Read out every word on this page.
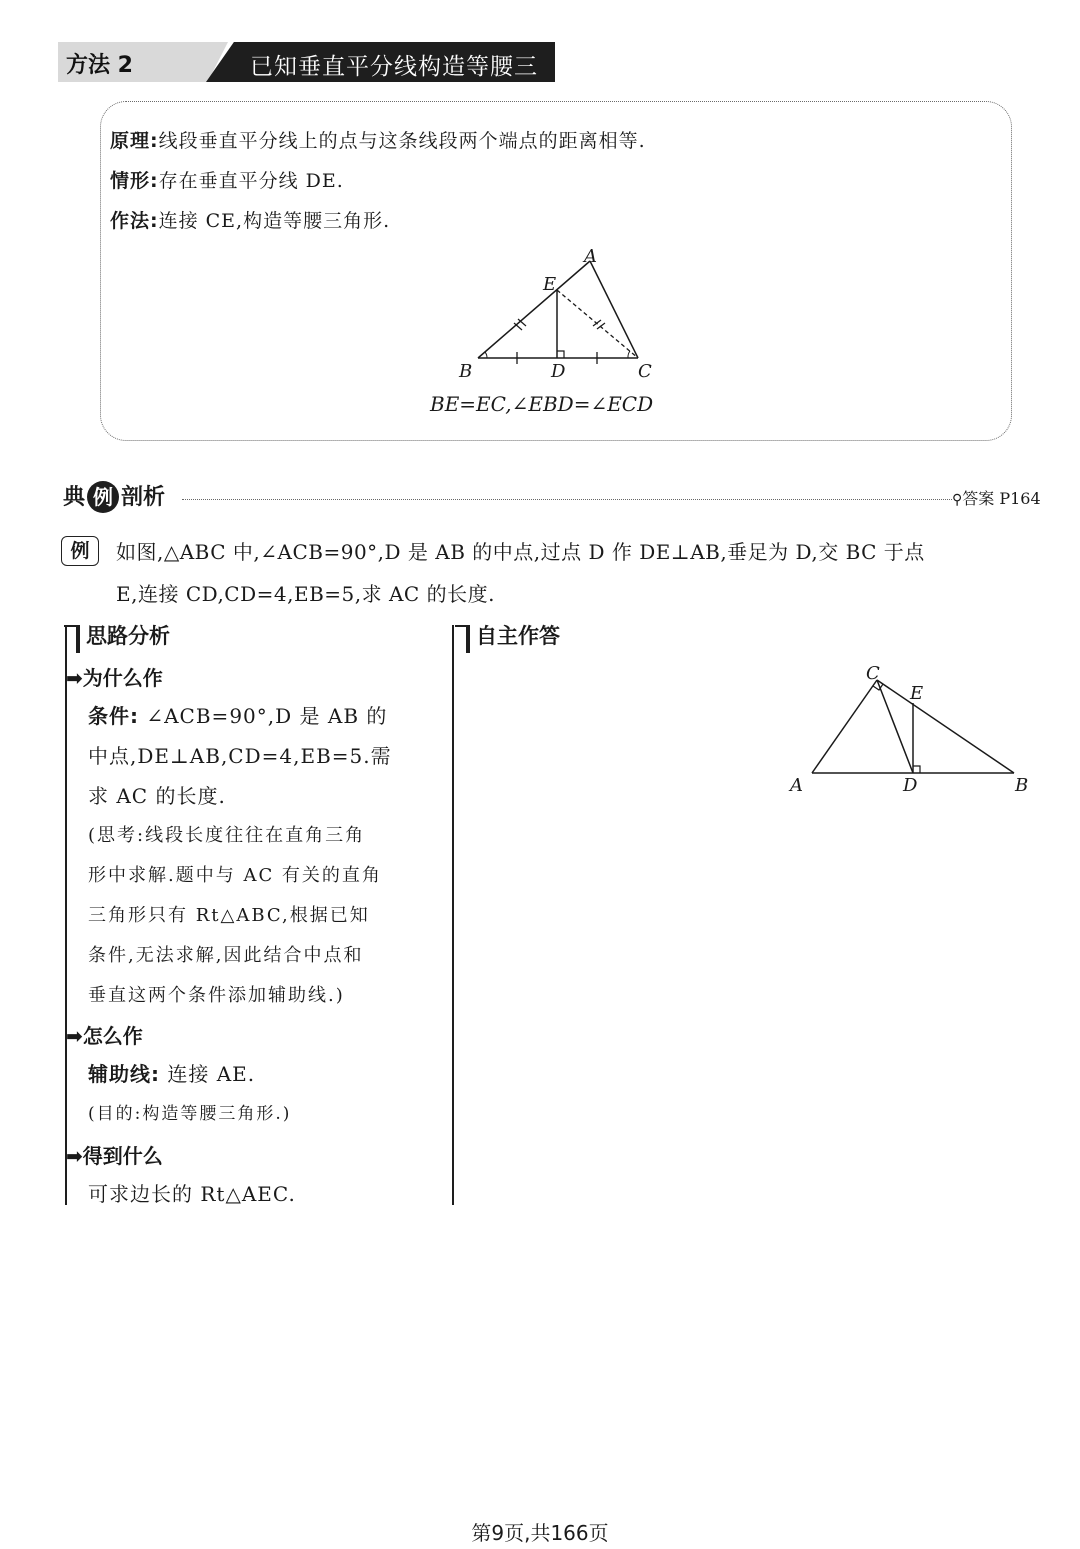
方法 2	已知垂直平分线构造等腰三角形
原理:线段垂直平分线上的点与这条线段两个端点的距离相等.
情形:存在垂直平分线 DE.
作法:连接 CE,构造等腰三角形.
A
E
B	D	C
BE=EC,∠EBD=∠ECD
典 例 剖析	⚲答案 P164
例	如图,△ABC 中,∠ACB=90°,D 是 AB 的中点,过点 D 作 DE⊥AB,垂足为 D,交 BC 于点
E,连接 CD,CD=4,EB=5,求 AC 的长度.
思路分析
➡为什么作
条件: ∠ACB=90°,D 是 AB 的
中点,DE⊥AB,CD=4,EB=5.需
求 AC 的长度.
(思考:线段长度往往在直角三角
形中求解.题中与 AC 有关的直角
三角形只有 Rt△ABC,根据已知
条件,无法求解,因此结合中点和
垂直这两个条件添加辅助线.)
➡怎么作
辅助线: 连接 AE.
(目的:构造等腰三角形.)
➡得到什么
可求边长的 Rt△AEC.
自主作答
C
E
A	D	B
第9页,共166页
